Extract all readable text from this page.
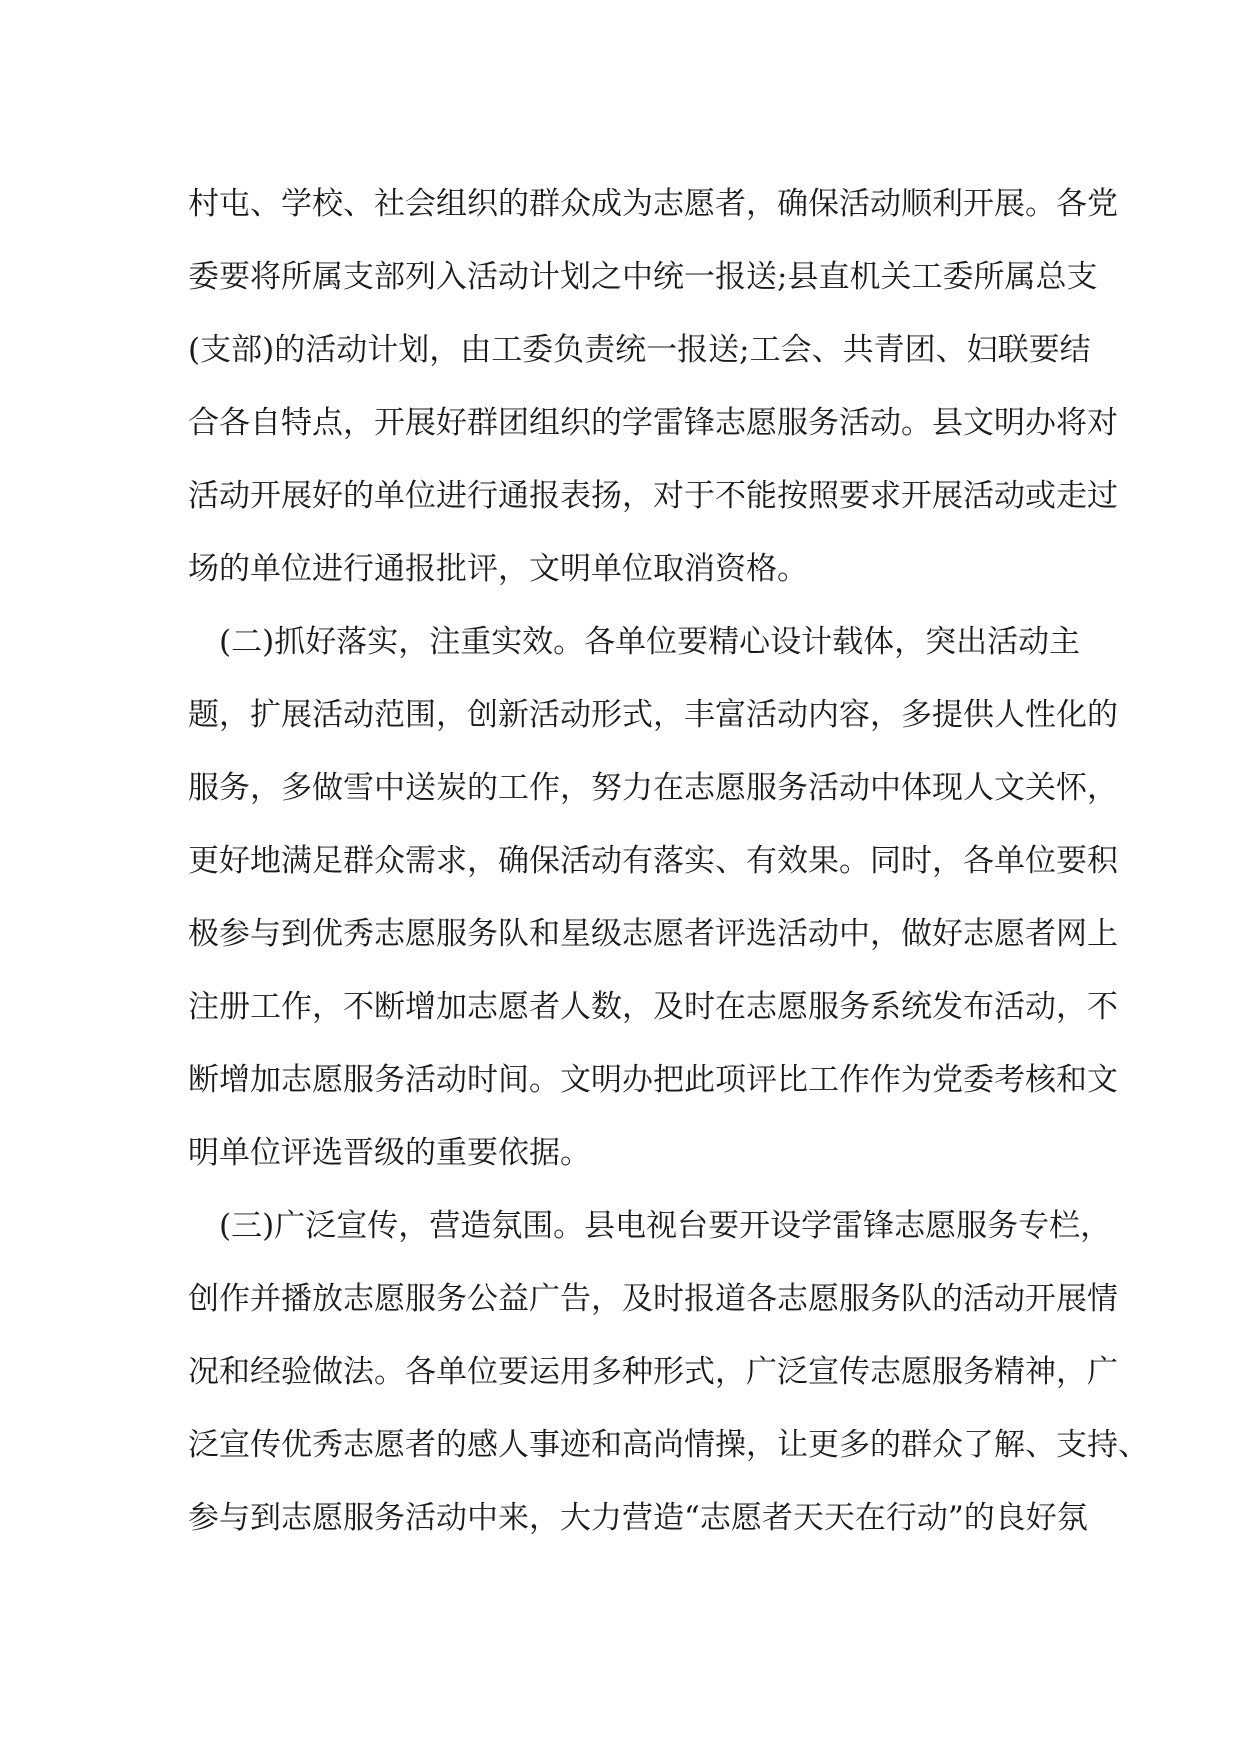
村屯、学校、社会组织的群众成为志愿者，确保活动顺利开展。各党
委要将所属支部列入活动计划之中统一报送;县直机关工委所属总支
(支部)的活动计划，由工委负责统一报送;工会、共青团、妇联要结
合各自特点，开展好群团组织的学雷锋志愿服务活动。县文明办将对
活动开展好的单位进行通报表扬，对于不能按照要求开展活动或走过
场的单位进行通报批评，文明单位取消资格。
(二)抓好落实，注重实效。各单位要精心设计载体，突出活动主
题，扩展活动范围，创新活动形式，丰富活动内容，多提供人性化的
服务，多做雪中送炭的工作，努力在志愿服务活动中体现人文关怀，
更好地满足群众需求，确保活动有落实、有效果。同时，各单位要积
极参与到优秀志愿服务队和星级志愿者评选活动中，做好志愿者网上
注册工作，不断增加志愿者人数，及时在志愿服务系统发布活动，不
断增加志愿服务活动时间。文明办把此项评比工作作为党委考核和文
明单位评选晋级的重要依据。
(三)广泛宣传，营造氛围。县电视台要开设学雷锋志愿服务专栏，
创作并播放志愿服务公益广告，及时报道各志愿服务队的活动开展情
况和经验做法。各单位要运用多种形式，广泛宣传志愿服务精神，广
泛宣传优秀志愿者的感人事迹和高尚情操，让更多的群众了解、支持、
参与到志愿服务活动中来，大力营造“志愿者天天在行动”的良好氛
